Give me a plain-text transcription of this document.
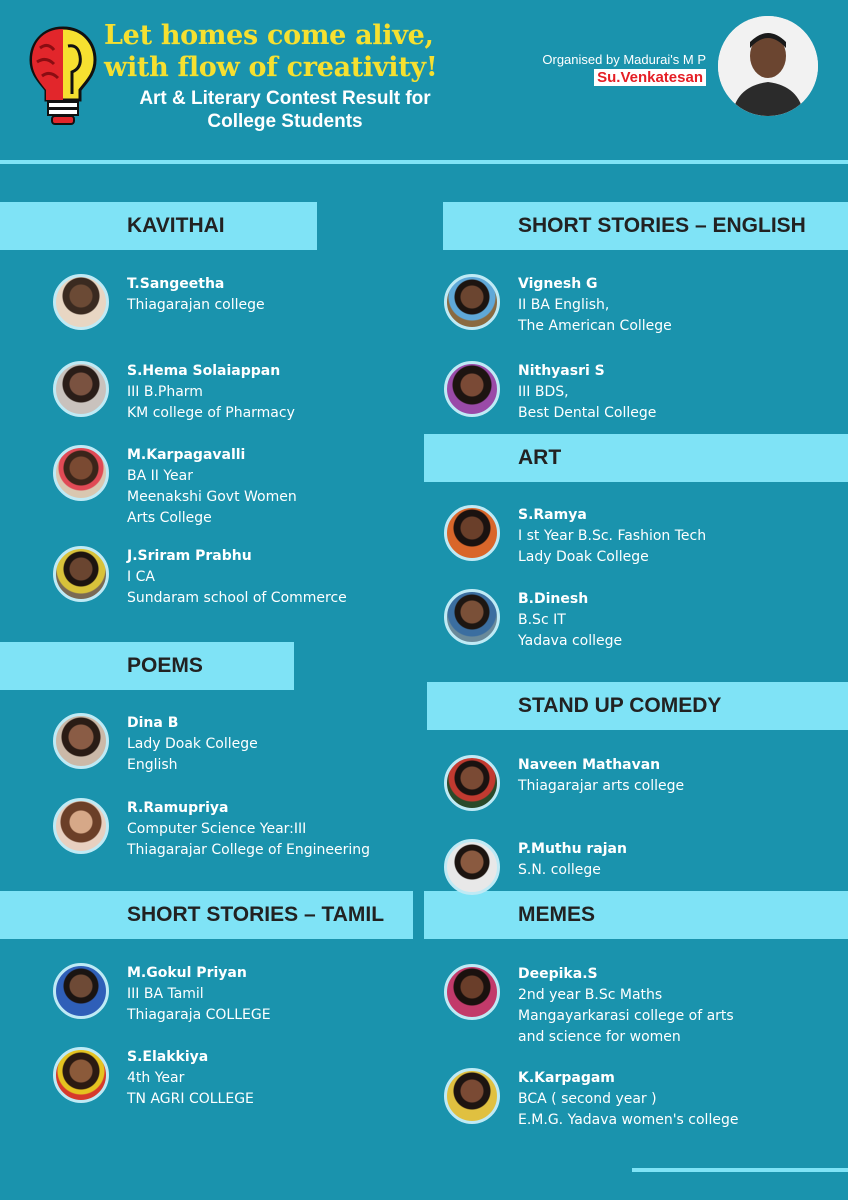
Let homes come alive,
with flow of creativity!
Art & Literary Contest Result for
College Students
Organised by Madurai's M P
Su.Venkatesan
KAVITHAI
POEMS
SHORT STORIES – TAMIL
SHORT STORIES – ENGLISH
ART
STAND UP COMEDY
MEMES
T.Sangeetha
Thiagarajan college
S.Hema Solaiappan
III B.Pharm
KM college of Pharmacy
M.Karpagavalli
BA II Year
Meenakshi Govt Women
Arts College
J.Sriram Prabhu
I CA
Sundaram school of Commerce
Dina B
Lady Doak College
English
R.Ramupriya
Computer Science Year:III
Thiagarajar College of Engineering
M.Gokul Priyan
III BA Tamil
Thiagaraja COLLEGE
S.Elakkiya
4th Year
TN AGRI COLLEGE
Vignesh G
II BA English,
The American College
Nithyasri S
III BDS,
Best Dental College
S.Ramya
I st Year B.Sc. Fashion Tech
Lady Doak College
B.Dinesh
B.Sc IT
Yadava college
Naveen Mathavan
Thiagarajar arts college
P.Muthu rajan
S.N. college
Deepika.S
2nd year B.Sc Maths
Mangayarkarasi college of arts
and science for women
K.Karpagam
BCA ( second year )
E.M.G. Yadava women's college
